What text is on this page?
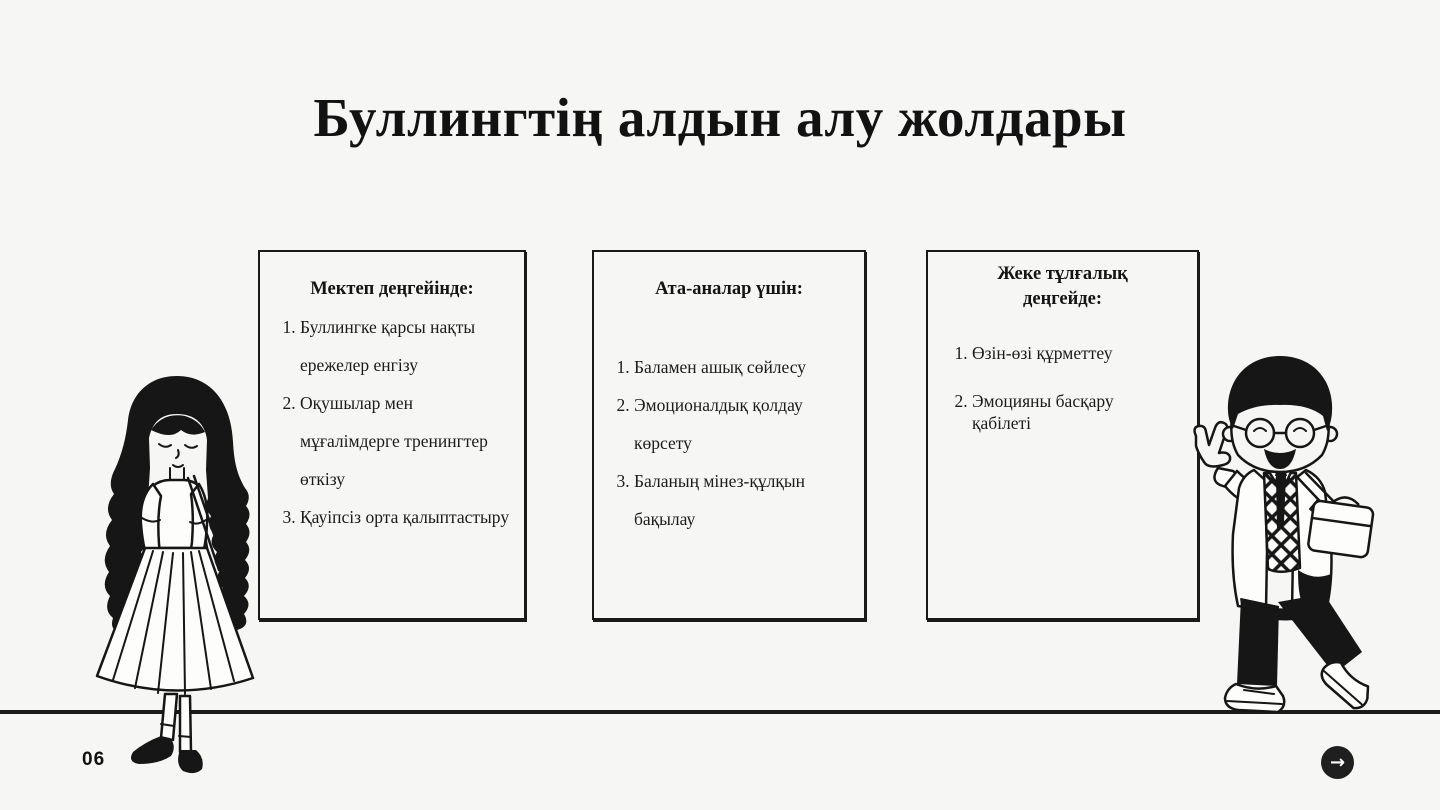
Буллингтің алдын алу жолдары
Мектеп деңгейінде:
1. Буллингке қарсы нақты ережелер енгізу
2. Оқушылар мен мұғалімдерге тренингтер өткізу
3. Қауіпсіз орта қалыптастыру
Ата-аналар үшін:
1. Баламен ашық сөйлесу
2. Эмоционалдық қолдау көрсету
3. Баланың мінез-құлқын бақылау
Жеке тұлғалық деңгейде:
1. Өзін-өзі құрметтеу
2. Эмоцияны басқару қабілеті
06	→
